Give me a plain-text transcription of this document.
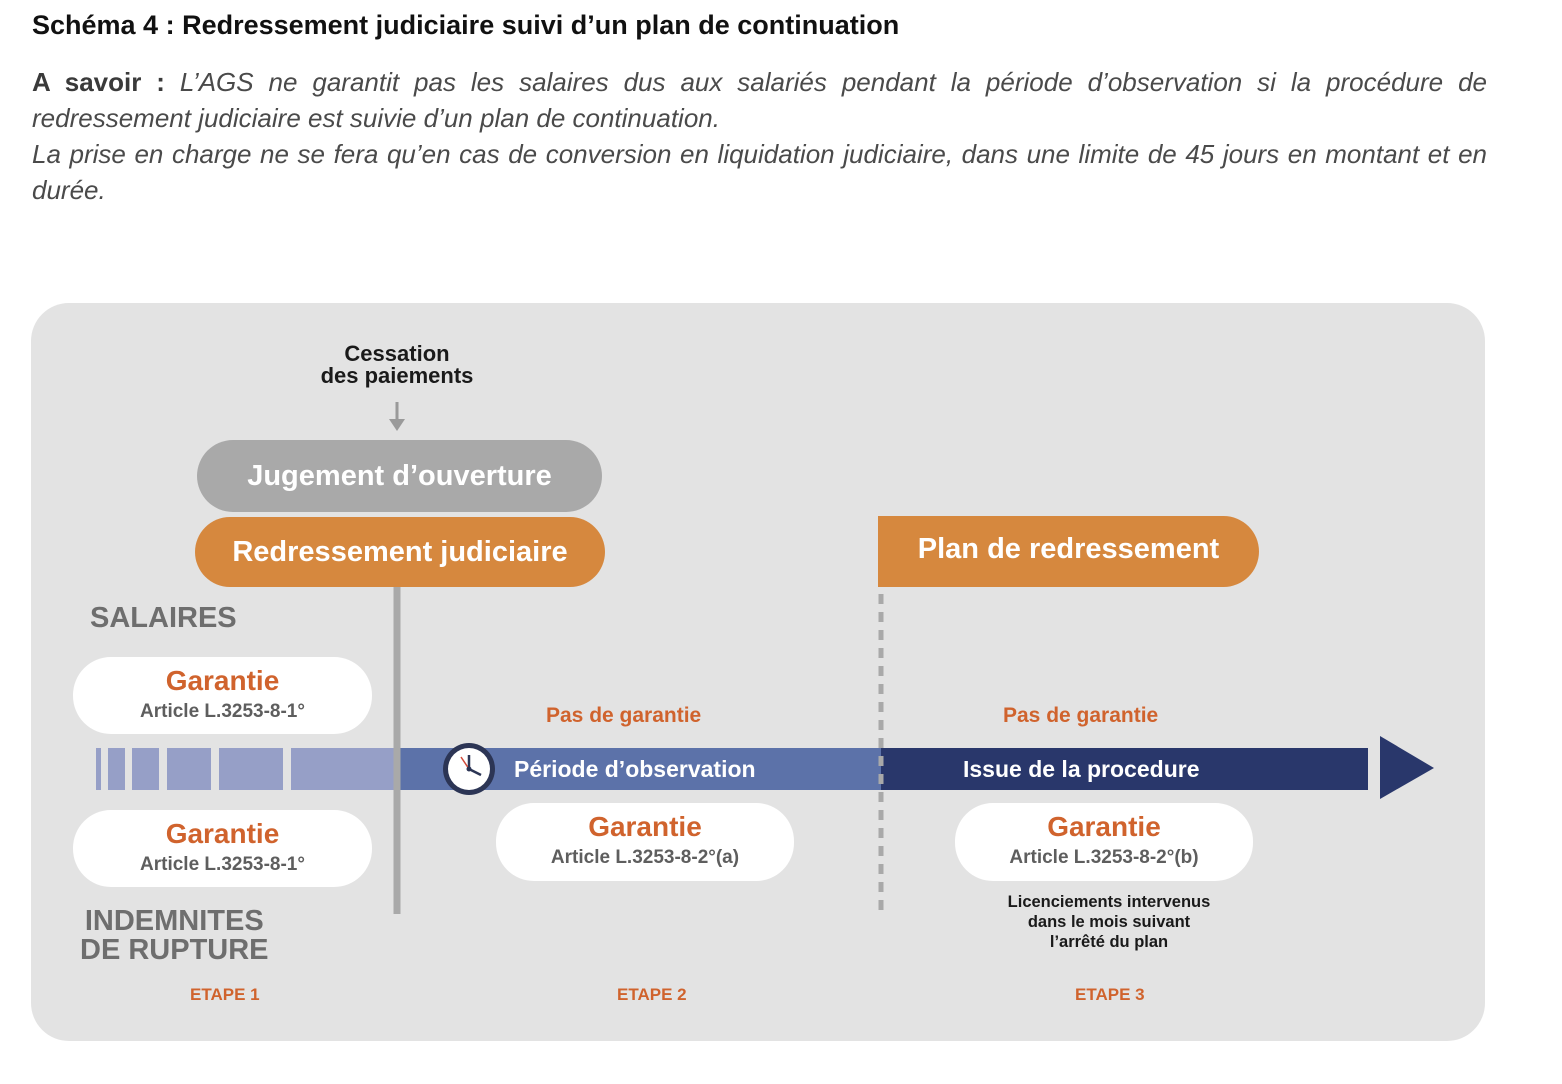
Schéma 4 : Redressement judiciaire suivi d’un plan de continuation

A savoir : L’AGS ne garantit pas les salaires dus aux salariés pendant la période d’observation si la procédure de redressement judiciaire est suivie d’un plan de continuation.

La prise en charge ne se fera qu’en cas de conversion en liquidation judiciaire, dans une limite de 45 jours en montant et en durée.

Période d’observation	Issue de la procedure
Cessation
des paiements
Jugement d’ouverture
Redressement judiciaire	Plan de redressement
SALAIRES
INDEMNITES
DE RUPTURE
Garantie
Article L.3253-8-1°
Garantie
Article L.3253-8-1°
Garantie
Article L.3253-8-2°(a)
Garantie
Article L.3253-8-2°(b)
Pas de garantie	Pas de garantie
Licenciements intervenus
dans le mois suivant
l’arrêté du plan
ETAPE 1	ETAPE 2	ETAPE 3
